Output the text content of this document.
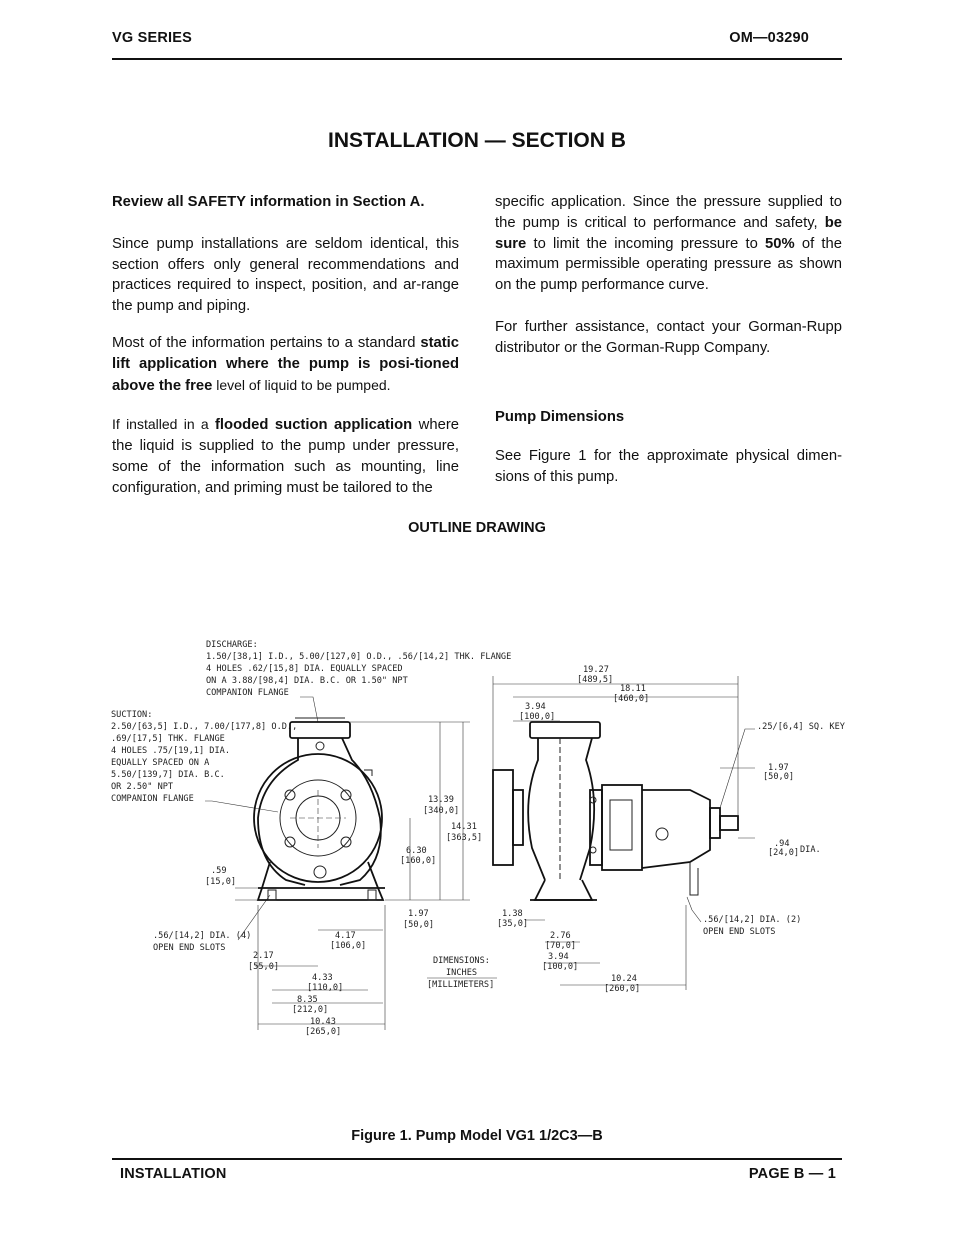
VG SERIES	OM—03290
INSTALLATION — SECTION B

Review all SAFETY information in Section A.

Since pump installations are seldom identical, this section offers only general recommendations and practices required to inspect, position, and ar-range the pump and piping.

Most of the information pertains to a standard static lift application where the pump is posi-tioned above the free level of liquid to be pumped.

If installed in a flooded suction application where the liquid is supplied to the pump under pressure, some of the information such as mounting, line configuration, and priming must be tailored to the

specific application. Since the pressure supplied to the pump is critical to performance and safety, be sure to limit the incoming pressure to 50% of the maximum permissible operating pressure as shown on the pump performance curve.

For further assistance, contact your Gorman-Rupp distributor or the Gorman-Rupp Company.

Pump Dimensions

See Figure 1 for the approximate physical dimen-sions of this pump.

OUTLINE DRAWING
DISCHARGE:
1.50/[38,1] I.D., 5.00/[127,0] O.D., .56/[14,2] THK. FLANGE
4 HOLES .62/[15,8] DIA. EQUALLY SPACED
ON A 3.88/[98,4] DIA. B.C. OR 1.50" NPT
COMPANION FLANGE
SUCTION:
2.50/[63,5] I.D., 7.00/[177,8] O.D.,
.69/[17,5] THK. FLANGE
4 HOLES .75/[19,1] DIA.
EQUALLY SPACED ON A
5.50/[139,7] DIA. B.C.
OR 2.50" NPT
COMPANION FLANGE
.56/[14,2] DIA. (4)
OPEN END SLOTS
.56/[14,2] DIA. (2)
OPEN END SLOTS
.25/[6,4] SQ. KEY
DIMENSIONS:
INCHES
[MILLIMETERS]
.59
[15,0]
13.39
[340,0]
14.31
[363,5]
6.30
[160,0]
1.97
[50,0]
4.17
[106,0]
2.17
[55,0]
4.33
[110,0]
8.35
[212,0]
10.43
[265,0]
19.27
[489,5]
18.11
[460,0]
3.94
[100,0]
1.97
[50,0]
.94
[24,0] DIA.
1.38
[35,0]
2.76
[70,0]
3.94
[100,0]
10.24
[260,0]
Figure 1. Pump Model VG1 1/2C3—B
INSTALLATION	PAGE B — 1
